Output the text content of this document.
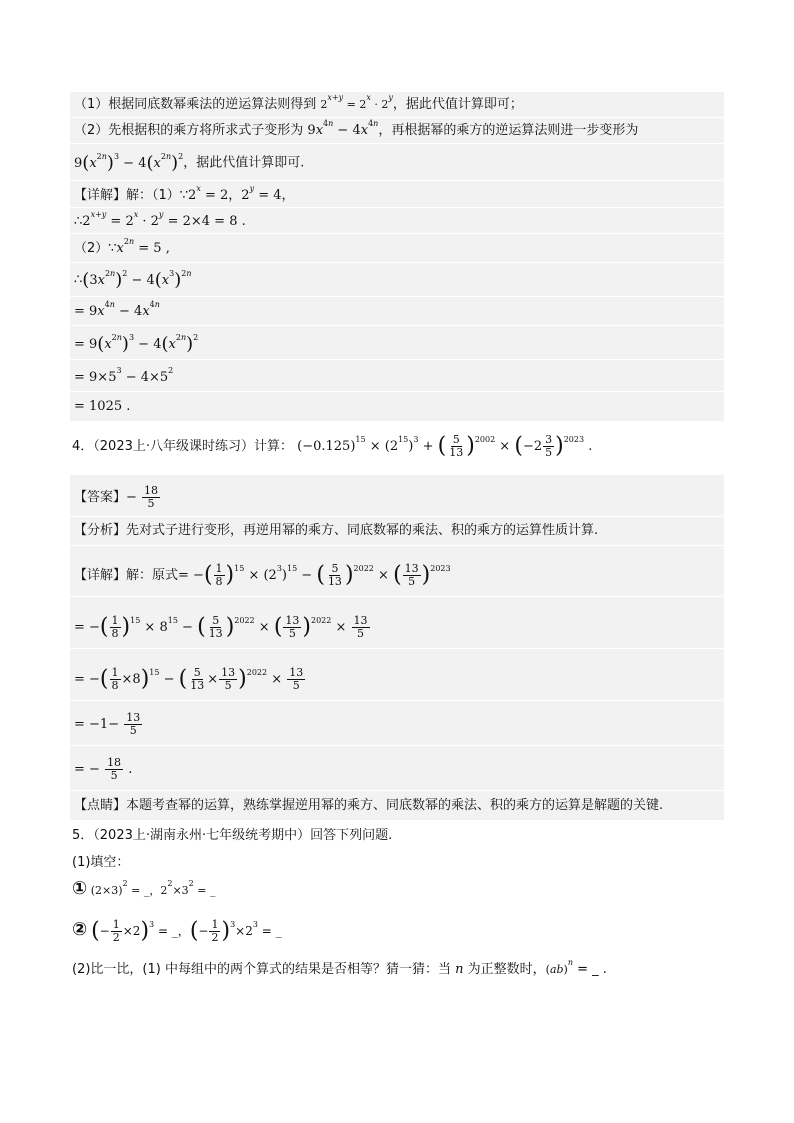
（1）根据同底数幂乘法的逆运算法则得到 $2^{x+y} = 2^x \cdot 2^y$，据此代值计算即可；
（2）先根据积的乘方将所求式子变形为 $9x^{4n} - 4x^{4n}$，再根据幂的乘方的逆运算法则进一步变形为
$9(x^{2n})^3 - 4(x^{2n})^2$，据此代值计算即可.
【详解】解：$(1)\because 2^x = 2$，$2^y = 4$，
$\therefore 2^{x+y} = 2^x \cdot 2^y = 2\times 4 = 8$ .
$(2)\because x^{2n} = 5$ ,
$\therefore(3x^{2n})^2 - 4(x^3)^{2n}$
= $9x^{4n} - 4x^{4n}$
= $9(x^{2n})^3 - 4(x^{2n})^2$
= $9\times 5^3 - 4\times 5^2$
= 1025 .
4．（2023上·八年级课时练习）计算： $(-0.125)^{15} \times (2^{15})^3$ + ( $\frac{5}{13} )^{2002} \times (-2 \frac{3}{5} )^{2023}$ .
【答案】− $\frac{18}{5}$
【分析】先对式子进行变形，再逆用幂的乘方、同底数幂的乘法、积的乘方的运算性质计算.
【详解】解：原式= −( $\frac{1}{8} )^{15} \times (2^3)^{15}$ − ( $\frac{5}{13} )^{2022}$ × ( $\frac{13}{5} )^{2023}$
= −( $\frac{1}{8} )^{15} \times 8^{15}$ − ( $\frac{5}{13} )^{2022}$ × ( $\frac{13}{5} )^{2022} \times \frac{13}{5}$
= −( $\frac{1}{8} \times 8)^{15}$ − ( $\frac{5}{13} \times \frac{13}{5} )^{2022} \times \frac{13}{5}$
= $-1- \frac{13}{5}$
= − $\frac{18}{5}$ .
【点睛】本题考查幂的运算，熟练掌握逆用幂的乘方、同底数幂的乘法、积的乘方的运算是解题的关键.
5．（2023上·湖南永州·七年级统考期中）回答下列问题.
(1)填空：
① $(2\times 3)^2$ = _，$2^2\times 3^2$ = _
② (− $\frac{1}{2} \times 2)^3$ = _，(− $\frac{1}{2} )^3\times 2^3$ = _
(2)比一比，(1) 中每组中的两个算式的结果是否相等？猜一猜：当 n 为正整数时，(ab)$^n$ = _ .
